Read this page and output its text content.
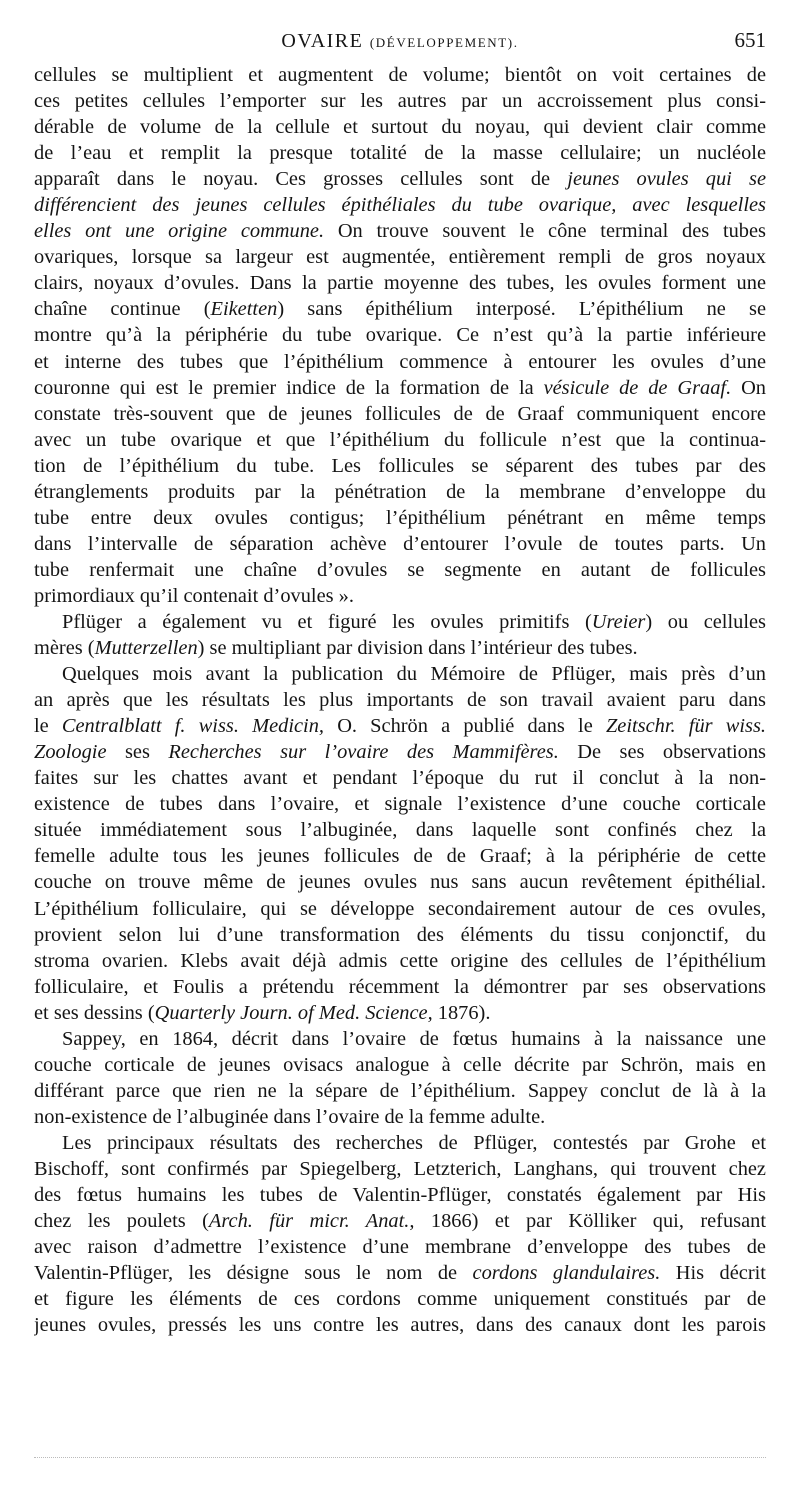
OVAIRE (DÉVELOPPEMENT).	651
cellules se multiplient et augmentent de volume; bientôt on voit certaines de
ces petites cellules l’emporter sur les autres par un accroissement plus consi-
dérable de volume de la cellule et surtout du noyau, qui devient clair comme
de l’eau et remplit la presque totalité de la masse cellulaire; un nucléole
apparaît dans le noyau. Ces grosses cellules sont de jeunes ovules qui se
différencient des jeunes cellules épithéliales du tube ovarique, avec lesquelles
elles ont une origine commune. On trouve souvent le cône terminal des tubes
ovariques, lorsque sa largeur est augmentée, entièrement rempli de gros noyaux
clairs, noyaux d’ovules. Dans la partie moyenne des tubes, les ovules forment une
chaîne continue (Eiketten) sans épithélium interposé. L’épithélium ne se
montre qu’à la périphérie du tube ovarique. Ce n’est qu’à la partie inférieure
et interne des tubes que l’épithélium commence à entourer les ovules d’une
couronne qui est le premier indice de la formation de la vésicule de de Graaf. On
constate très-souvent que de jeunes follicules de de Graaf communiquent encore
avec un tube ovarique et que l’épithélium du follicule n’est que la continua-
tion de l’épithélium du tube. Les follicules se séparent des tubes par des
étranglements produits par la pénétration de la membrane d’enveloppe du
tube entre deux ovules contigus; l’épithélium pénétrant en même temps
dans l’intervalle de séparation achève d’entourer l’ovule de toutes parts. Un
tube renfermait une chaîne d’ovules se segmente en autant de follicules
primordiaux qu’il contenait d’ovules ».
Pflüger a également vu et figuré les ovules primitifs (Ureier) ou cellules
mères (Mutterzellen) se multipliant par division dans l’intérieur des tubes.
Quelques mois avant la publication du Mémoire de Pflüger, mais près d’un
an après que les résultats les plus importants de son travail avaient paru dans
le Centralblatt f. wiss. Medicin, O. Schrön a publié dans le Zeitschr. für wiss.
Zoologie ses Recherches sur l’ovaire des Mammifères. De ses observations
faites sur les chattes avant et pendant l’époque du rut il conclut à la non-
existence de tubes dans l’ovaire, et signale l’existence d’une couche corticale
située immédiatement sous l’albuginée, dans laquelle sont confinés chez la
femelle adulte tous les jeunes follicules de de Graaf; à la périphérie de cette
couche on trouve même de jeunes ovules nus sans aucun revêtement épithélial.
L’épithélium folliculaire, qui se développe secondairement autour de ces ovules,
provient selon lui d’une transformation des éléments du tissu conjonctif, du
stroma ovarien. Klebs avait déjà admis cette origine des cellules de l’épithélium
folliculaire, et Foulis a prétendu récemment la démontrer par ses observations
et ses dessins (Quarterly Journ. of Med. Science, 1876).
Sappey, en 1864, décrit dans l’ovaire de fœtus humains à la naissance une
couche corticale de jeunes ovisacs analogue à celle décrite par Schrön, mais en
différant parce que rien ne la sépare de l’épithélium. Sappey conclut de là à la
non-existence de l’albuginée dans l’ovaire de la femme adulte.
Les principaux résultats des recherches de Pflüger, contestés par Grohe et
Bischoff, sont confirmés par Spiegelberg, Letzterich, Langhans, qui trouvent chez
des fœtus humains les tubes de Valentin-Pflüger, constatés également par His
chez les poulets (Arch. für micr. Anat., 1866) et par Kölliker qui, refusant
avec raison d’admettre l’existence d’une membrane d’enveloppe des tubes de
Valentin-Pflüger, les désigne sous le nom de cordons glandulaires. His décrit
et figure les éléments de ces cordons comme uniquement constitués par de
jeunes ovules, pressés les uns contre les autres, dans des canaux dont les parois
